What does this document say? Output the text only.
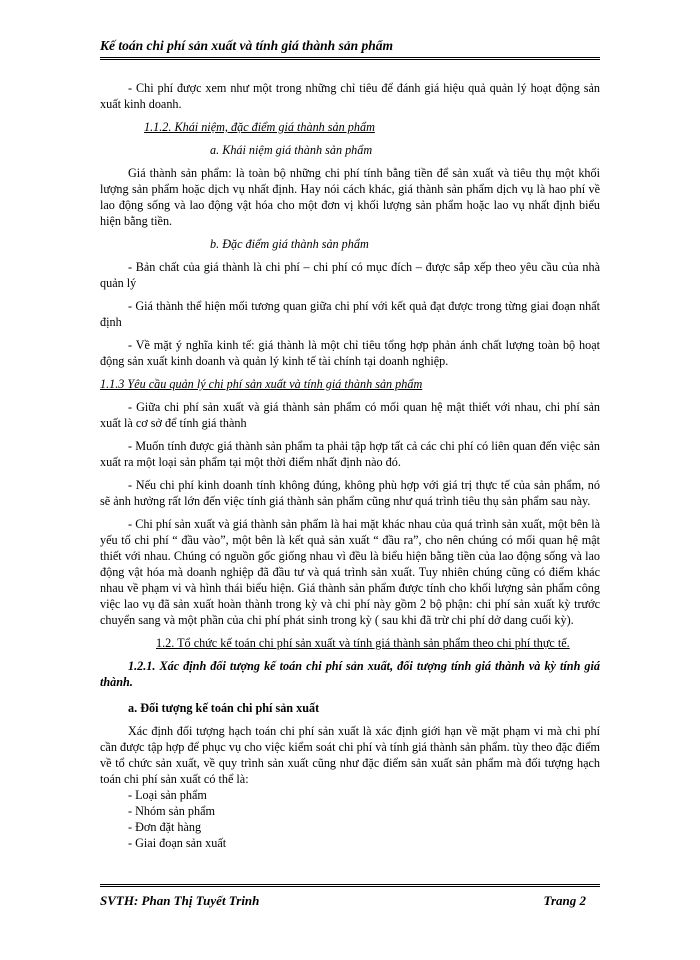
Kế toán chi phí sản xuất và tính giá thành sản phẩm

- Chi phí được xem như một trong những chỉ tiêu để đánh giá hiệu quả quản lý hoạt động sản xuất kinh doanh.

1.1.2. Khái niệm, đặc điểm giá thành sản phẩm

a. Khái niệm giá thành sản phẩm

Giá thành sản phẩm: là toàn bộ những chi phí tính bằng tiền để sản xuất và tiêu thụ một khối lượng sản phẩm hoặc dịch vụ nhất định. Hay nói cách khác, giá thành sản phẩm dịch vụ là hao phí về lao động sống và lao động vật hóa cho một đơn vị khối lượng sản phẩm hoặc lao vụ nhất định biểu hiện bằng tiền.

b. Đặc điểm giá thành sản phẩm

- Bản chất của giá thành là chi phí – chi phí có mục đích – được sắp xếp theo yêu cầu của nhà quản lý

- Giá thành thể hiện mối tương quan giữa chi phí với kết quả đạt được trong từng giai đoạn nhất định

- Về mặt ý nghĩa kinh tế: giá thành là một chỉ tiêu tổng hợp phản ánh chất lượng toàn bộ hoạt động sản xuất kinh doanh và quản lý kinh tế tài chính tại doanh nghiệp.

1.1.3 Yêu cầu quản lý chi phí sản xuất và tính giá thành sản phẩm

- Giữa chi phí sản xuất và giá thành sản phẩm có mối quan hệ mật thiết với nhau, chi phí sản xuất là cơ sở để tính giá thành

- Muốn tính được giá thành sản phẩm ta phải tập hợp tất cả các chi phí có liên quan đến việc sản xuất ra một loại sản phẩm tại một thời điểm nhất định nào đó.

- Nếu chi phí kinh doanh tính không đúng, không phù hợp với giá trị thực tế của sản phẩm, nó sẽ ảnh hưởng rất lớn đến việc tính giá thành sản phẩm cũng như quá trình tiêu thụ sản phẩm sau này.

- Chi phí sản xuất và giá thành sản phẩm là hai mặt khác nhau của quá trình sản xuất, một bên là yếu tố chi phí “ đầu vào”, một bên là kết quả sản xuất “ đầu ra”, cho nên chúng có mối quan hệ mật thiết với nhau. Chúng có nguồn gốc giống nhau vì đều là biểu hiện bằng tiền của lao động sống và lao động vật hóa mà doanh nghiệp đã đầu tư và quá trình sản xuất. Tuy nhiên chúng cũng có điểm khác nhau về phạm vi và hình thái biểu hiện. Giá thành sản phẩm được tính cho khối lượng sản phẩm công việc lao vụ đã sản xuất hoàn thành trong kỳ và chi phí này gồm 2 bộ phận: chi phí sản xuất kỳ trước chuyển sang và một phần của chi phí phát sinh trong kỳ ( sau khi đã trừ chi phí dở dang cuối kỳ).

1.2. Tổ chức kế toán chi phí sản xuất và tính giá thành sản phẩm theo chi phí thực tế.

1.2.1. Xác định đối tượng kế toán chi phí sản xuất, đối tượng tính giá thành và kỳ tính giá thành.

a. Đối tượng kế toán chi phí sản xuất

Xác định đối tượng hạch toán chi phí sản xuất là xác định giới hạn về mặt phạm vi mà chi phí cần được tập hợp để phục vụ cho việc kiểm soát chi phí và tính giá thành sản phẩm. tùy theo đặc điểm về tổ chức sản xuất, về quy trình sản xuất cũng như đặc điểm sản xuất sản phẩm mà đối tượng hạch toán chi phí sản xuất có thể là:

- Loại sản phẩm

- Nhóm sản phẩm

- Đơn đặt hàng

- Giai đoạn sản xuất

SVTH: Phan Thị Tuyết Trinh	Trang 2
